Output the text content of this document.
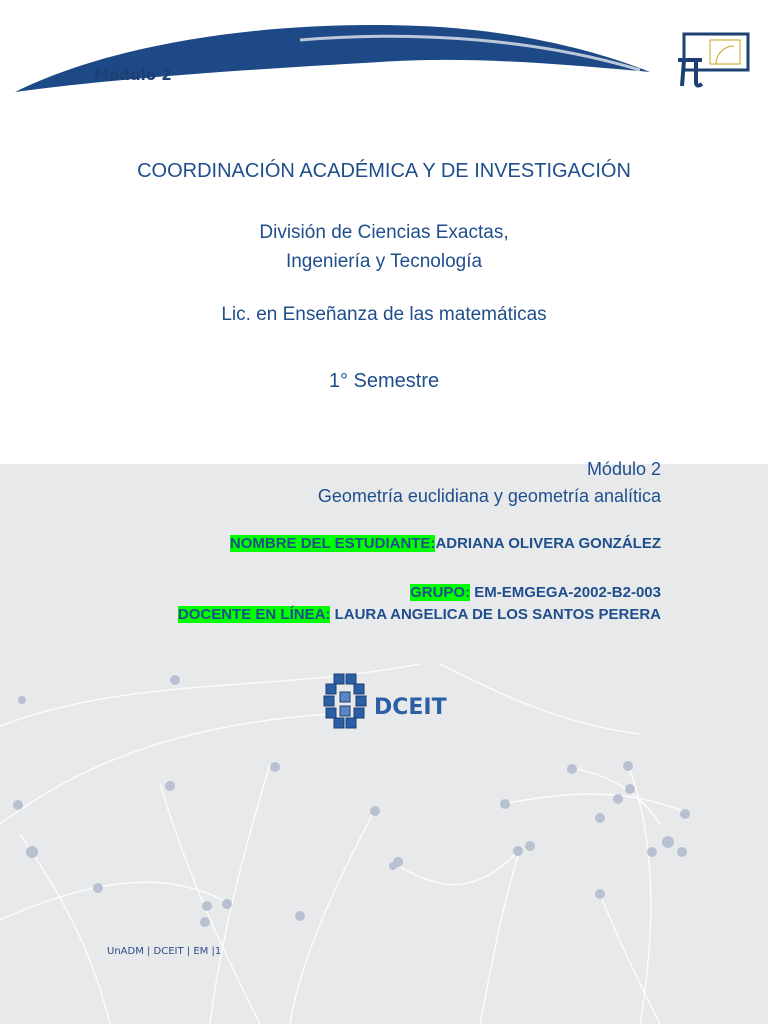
Módulo 2
COORDINACIÓN ACADÉMICA Y DE INVESTIGACIÓN
División de Ciencias Exactas,
Ingeniería y Tecnología
Lic. en Enseñanza de las matemáticas
1° Semestre
Módulo 2
Geometría euclidiana y geometría analítica
NOMBRE DEL ESTUDIANTE:ADRIANA OLIVERA GONZÁLEZ
GRUPO: EM-EMGEGA-2002-B2-003
DOCENTE EN LÍNEA: LAURA ANGELICA DE LOS SANTOS PERERA
DCEIT
UnADM | DCEIT | EM |1
